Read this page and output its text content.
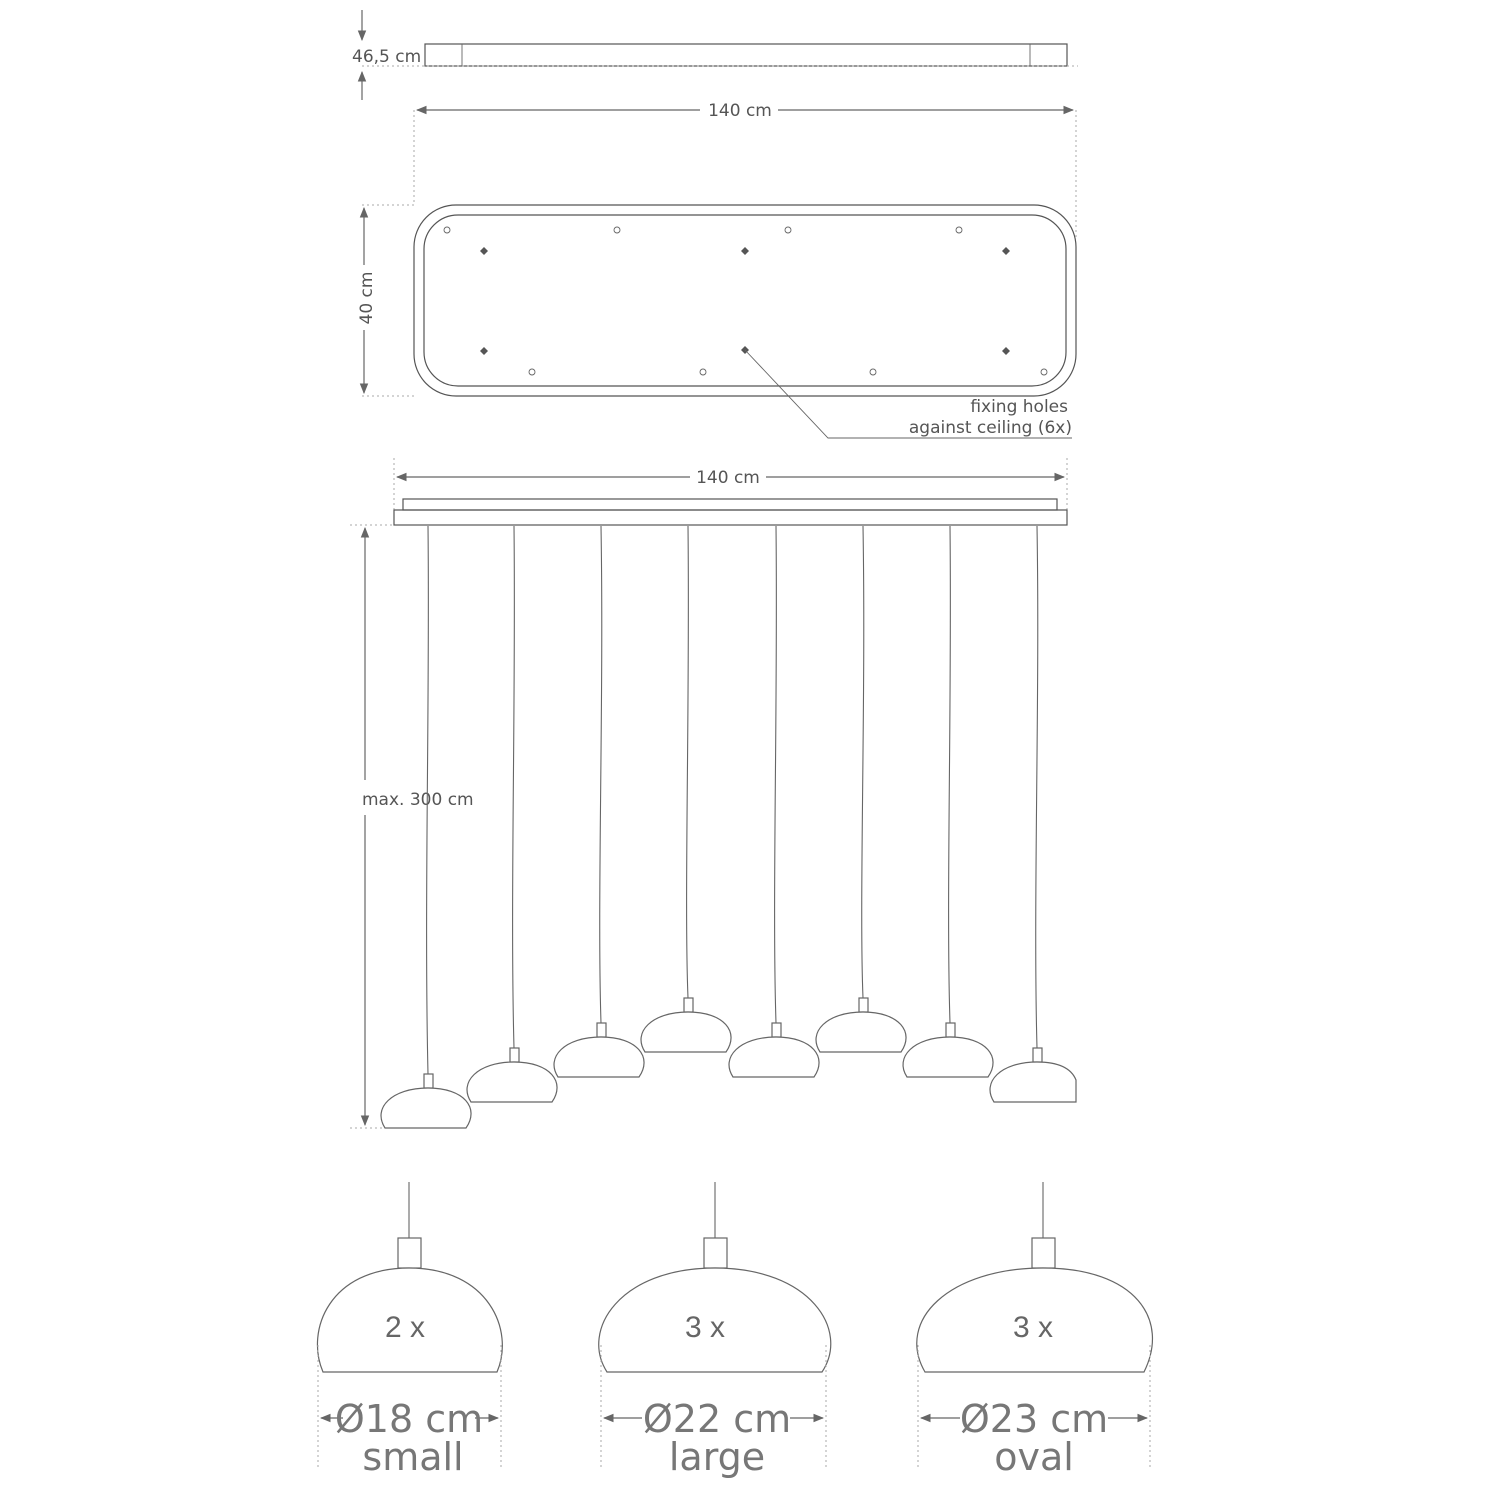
46,5 cm
140 cm
40 cm
fixing holes
against ceiling (6x)
140 cm
max. 300 cm
2 x
Ø18 cm
small
3 x
Ø22 cm
large
3 x
Ø23 cm
oval
